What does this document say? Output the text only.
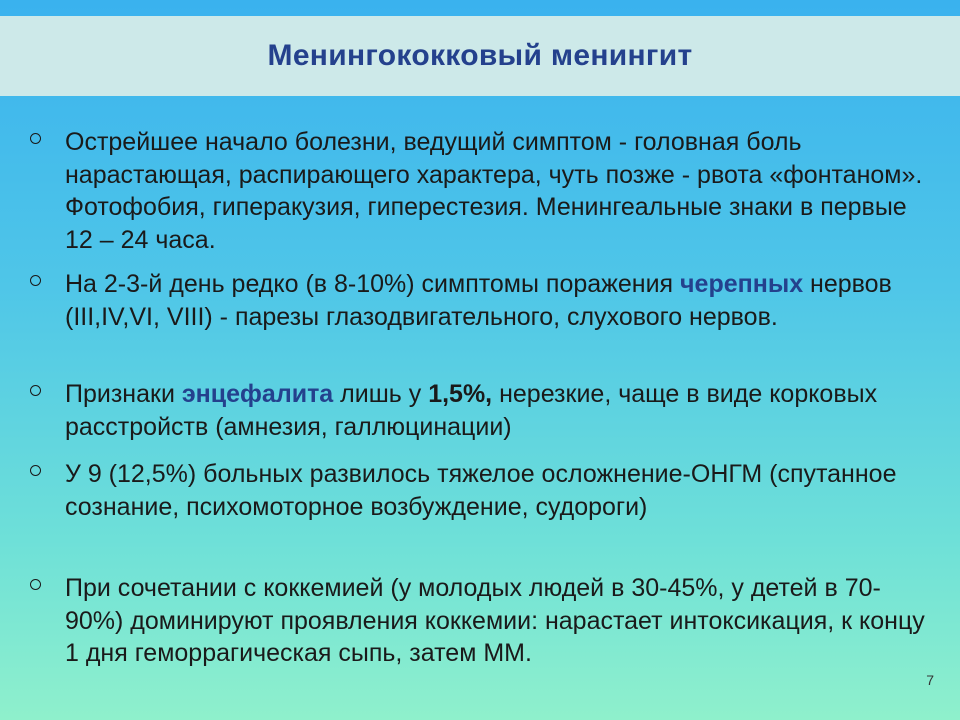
Менингококковый менингит
Острейшее начало болезни, ведущий симптом - головная боль нарастающая, распирающего характера, чуть позже - рвота «фонтаном». Фотофобия, гиперакузия, гиперестезия. Менингеальные знаки в первые 12 – 24 часа.
На 2-3-й день редко (в 8-10%) симптомы поражения черепных нервов (III,IV,VI, VIII) - парезы глазодвигательного, слухового нервов.
Признаки энцефалита лишь у 1,5%, нерезкие, чаще в виде корковых расстройств (амнезия, галлюцинации)
У 9 (12,5%) больных развилось тяжелое осложнение-ОНГМ (спутанное сознание, психомоторное возбуждение, судороги)
При сочетании с коккемией (у молодых людей в 30-45%, у детей в 70-90%) доминируют проявления коккемии: нарастает интоксикация, к концу 1 дня геморрагическая сыпь, затем ММ.
7
